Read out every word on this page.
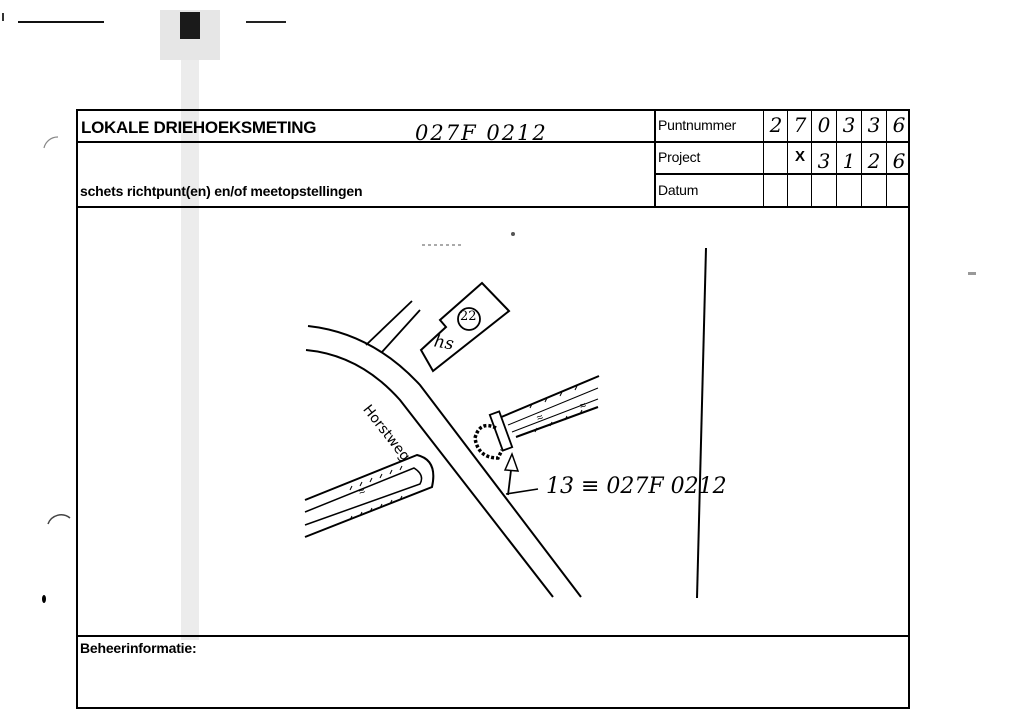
LOKALE DRIEHOEKSMETING	027F 0212
schets richtpunt(en) en/of meetopstellingen
Puntnummer
Project
Datum
2 7 0 3 3 6
X 3 1 2 6
22
hs
Horstweg
≈
≈
≈
13 ≡ 027F 0212
Beheerinformatie:
